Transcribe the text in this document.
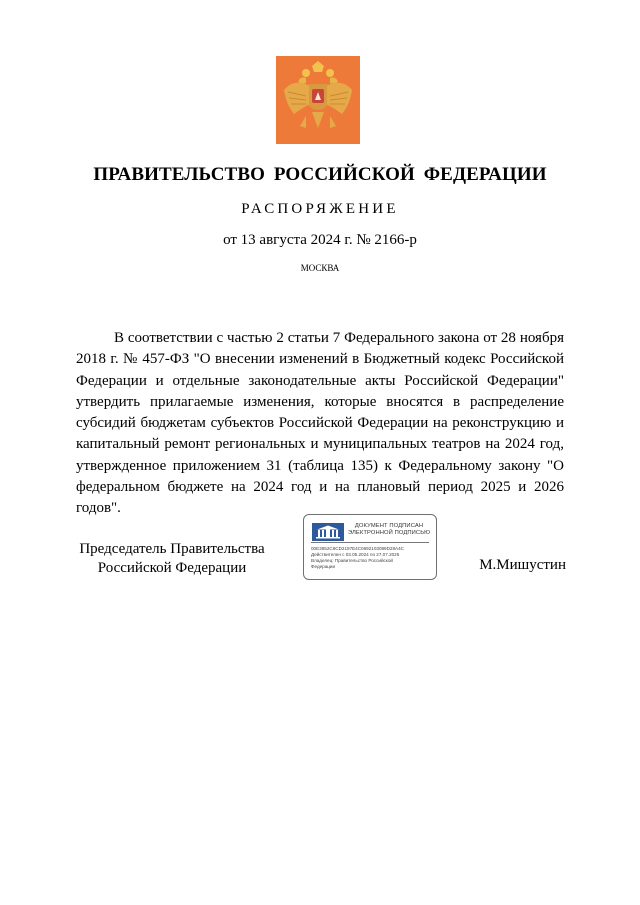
ПРАВИТЕЛЬСТВО РОССИЙСКОЙ ФЕДЕРАЦИИ
РАСПОРЯЖЕНИЕ
от 13 августа 2024 г. № 2166-р
МОСКВА

В соответствии с частью 2 статьи 7 Федерального закона от 28 ноября 2018 г. № 457-ФЗ "О внесении изменений в Бюджетный кодекс Российской Федерации и отдельные законодательные акты Российской Федерации" утвердить прилагаемые изменения, которые вносятся в распределение субсидий бюджетам субъектов Российской Федерации на реконструкцию и капитальный ремонт региональных и муниципальных театров на 2024 год, утвержденное приложением 31 (таблица 135) к Федеральному закону "О федеральном бюджете на 2024 год и на плановый период 2025 и 2026 годов".

Председатель Правительства
Российской Федерации
ДОКУМЕНТ ПОДПИСАН
ЭЛЕКТРОННОЙ ПОДПИСЬЮ
00E3652C6CD2197E4C0692103089D28A4C
Действителен с 03.05.2024 по 27.07.2025
Владелец: Правительство Российской
Федерации	М.Мишустин
